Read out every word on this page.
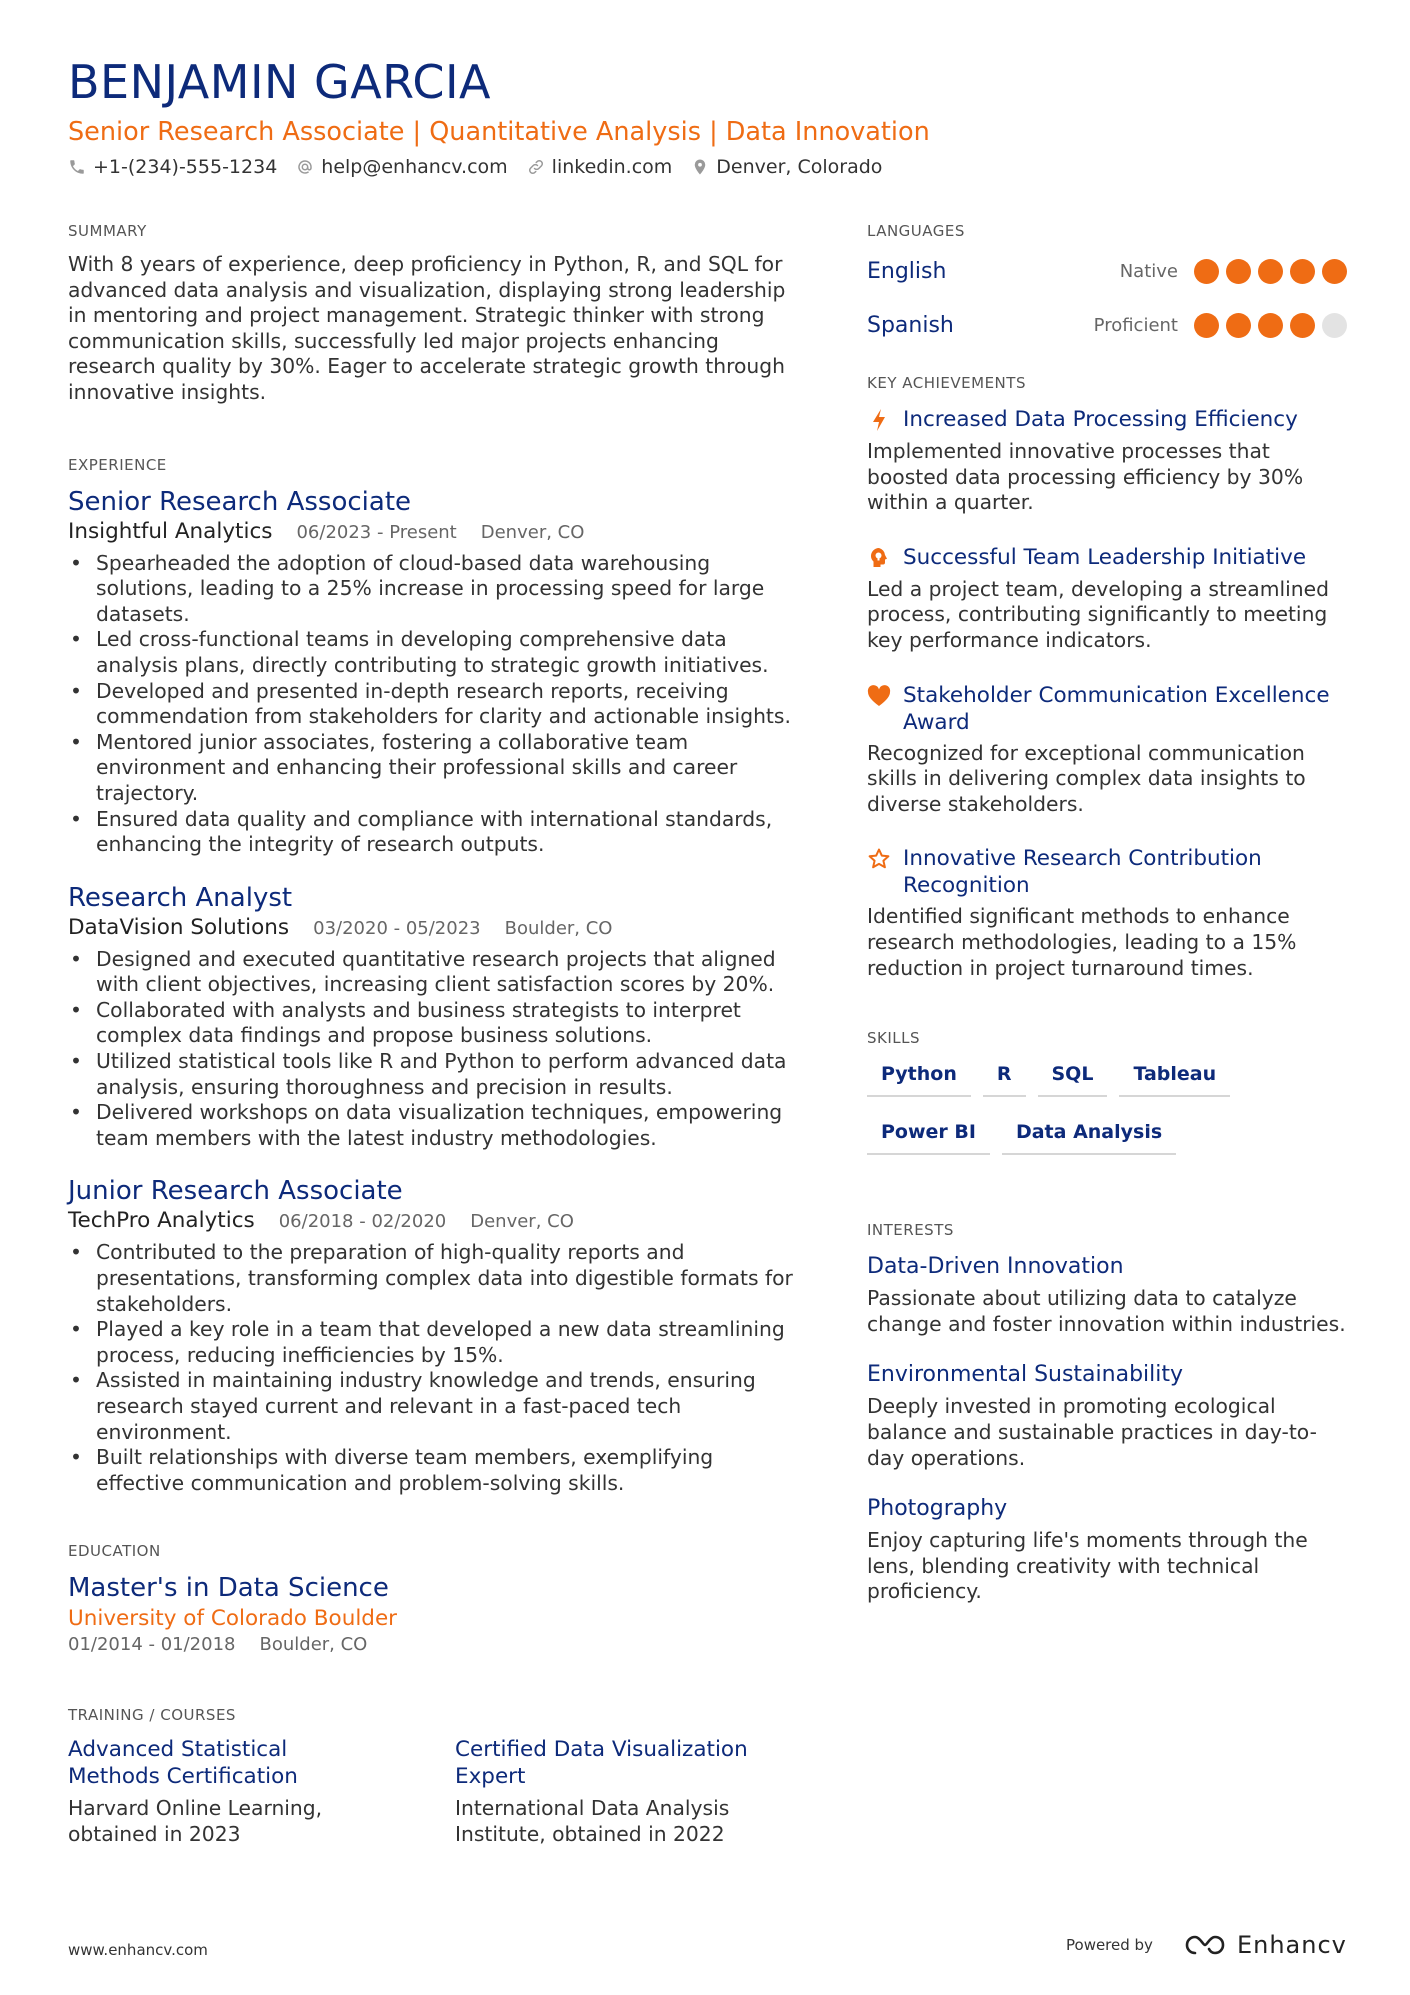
BENJAMIN GARCIA
Senior Research Associate | Quantitative Analysis | Data Innovation
+1-(234)-555-1234 help@enhancv.com linkedin.com Denver, Colorado
SUMMARY
With 8 years of experience, deep proficiency in Python, R, and SQL for advanced data analysis and visualization, displaying strong leadership in mentoring and project management. Strategic thinker with strong communication skills, successfully led major projects enhancing research quality by 30%. Eager to accelerate strategic growth through innovative insights.
EXPERIENCE
Senior Research Associate
Insightful Analytics 06/2023 - Present Denver, CO
• Spearheaded the adoption of cloud-based data warehousing solutions, leading to a 25% increase in processing speed for large datasets.
• Led cross-functional teams in developing comprehensive data analysis plans, directly contributing to strategic growth initiatives.
• Developed and presented in-depth research reports, receiving commendation from stakeholders for clarity and actionable insights.
• Mentored junior associates, fostering a collaborative team environment and enhancing their professional skills and career trajectory.
• Ensured data quality and compliance with international standards, enhancing the integrity of research outputs.
Research Analyst
DataVision Solutions 03/2020 - 05/2023 Boulder, CO
• Designed and executed quantitative research projects that aligned with client objectives, increasing client satisfaction scores by 20%.
• Collaborated with analysts and business strategists to interpret complex data findings and propose business solutions.
• Utilized statistical tools like R and Python to perform advanced data analysis, ensuring thoroughness and precision in results.
• Delivered workshops on data visualization techniques, empowering team members with the latest industry methodologies.
Junior Research Associate
TechPro Analytics 06/2018 - 02/2020 Denver, CO
• Contributed to the preparation of high-quality reports and presentations, transforming complex data into digestible formats for stakeholders.
• Played a key role in a team that developed a new data streamlining process, reducing inefficiencies by 15%.
• Assisted in maintaining industry knowledge and trends, ensuring research stayed current and relevant in a fast-paced tech environment.
• Built relationships with diverse team members, exemplifying effective communication and problem-solving skills.
EDUCATION
Master's in Data Science
University of Colorado Boulder
01/2014 - 01/2018 Boulder, CO
TRAINING / COURSES
Advanced Statistical Methods Certification
Harvard Online Learning, obtained in 2023
Certified Data Visualization Expert
International Data Analysis Institute, obtained in 2022
LANGUAGES
English	Native
Spanish	Proficient
KEY ACHIEVEMENTS
Increased Data Processing Efficiency
Implemented innovative processes that boosted data processing efficiency by 30% within a quarter.
Successful Team Leadership Initiative
Led a project team, developing a streamlined process, contributing significantly to meeting key performance indicators.
Stakeholder Communication Excellence Award
Recognized for exceptional communication skills in delivering complex data insights to diverse stakeholders.
Innovative Research Contribution Recognition
Identified significant methods to enhance research methodologies, leading to a 15% reduction in project turnaround times.
SKILLS
Python	R	SQL	Tableau
Power BI	Data Analysis
INTERESTS
Data-Driven Innovation
Passionate about utilizing data to catalyze change and foster innovation within industries.
Environmental Sustainability
Deeply invested in promoting ecological balance and sustainable practices in day-to-day operations.
Photography
Enjoy capturing life's moments through the lens, blending creativity with technical proficiency.
www.enhancv.com	Powered by	Enhancv
